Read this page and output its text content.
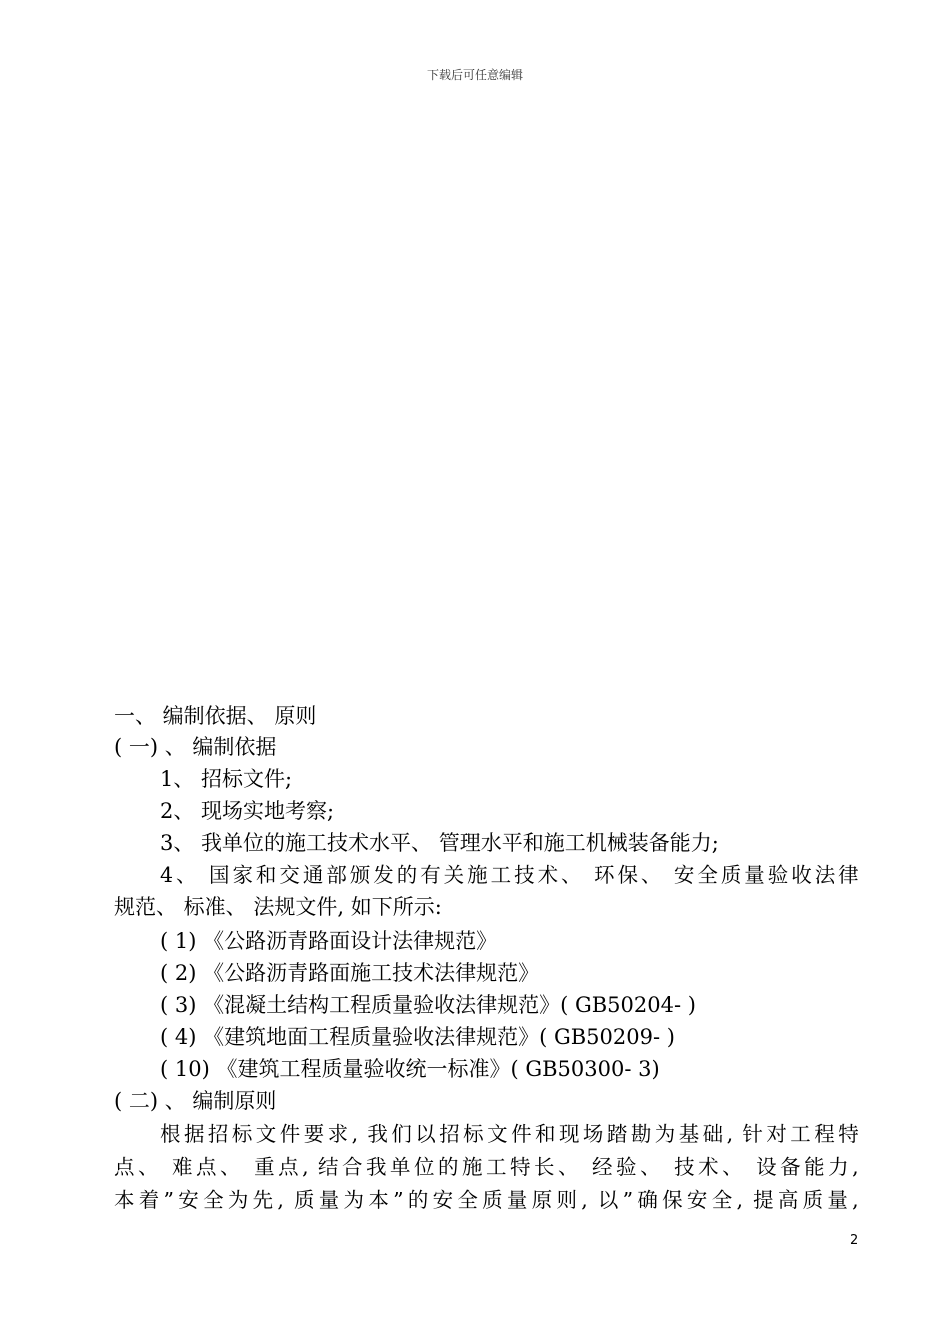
下载后可任意编辑
一、 编制依据、 原则
( 一) 、 编制依据
1、 招标文件;
2、 现场实地考察;
3、 我单位的施工技术水平、 管理水平和施工机械装备能力;
4、 国家和交通部颁发的有关施工技术、 环保、 安全质量验收法律
规范、 标准、 法规文件, 如下所示:
( 1) 《公路沥青路面设计法律规范》
( 2) 《公路沥青路面施工技术法律规范》
( 3) 《混凝土结构工程质量验收法律规范》( GB50204- )
( 4) 《建筑地面工程质量验收法律规范》( GB50209- )
( 10) 《建筑工程质量验收统一标准》( GB50300- 3)
( 二) 、 编制原则
根据招标文件要求, 我们以招标文件和现场踏勘为基础, 针对工程特
点、 难点、 重点, 结合我单位的施工特长、 经验、 技术、 设备能力,
本着”安全为先, 质量为本”的安全质量原则, 以”确保安全, 提高质量,
2
